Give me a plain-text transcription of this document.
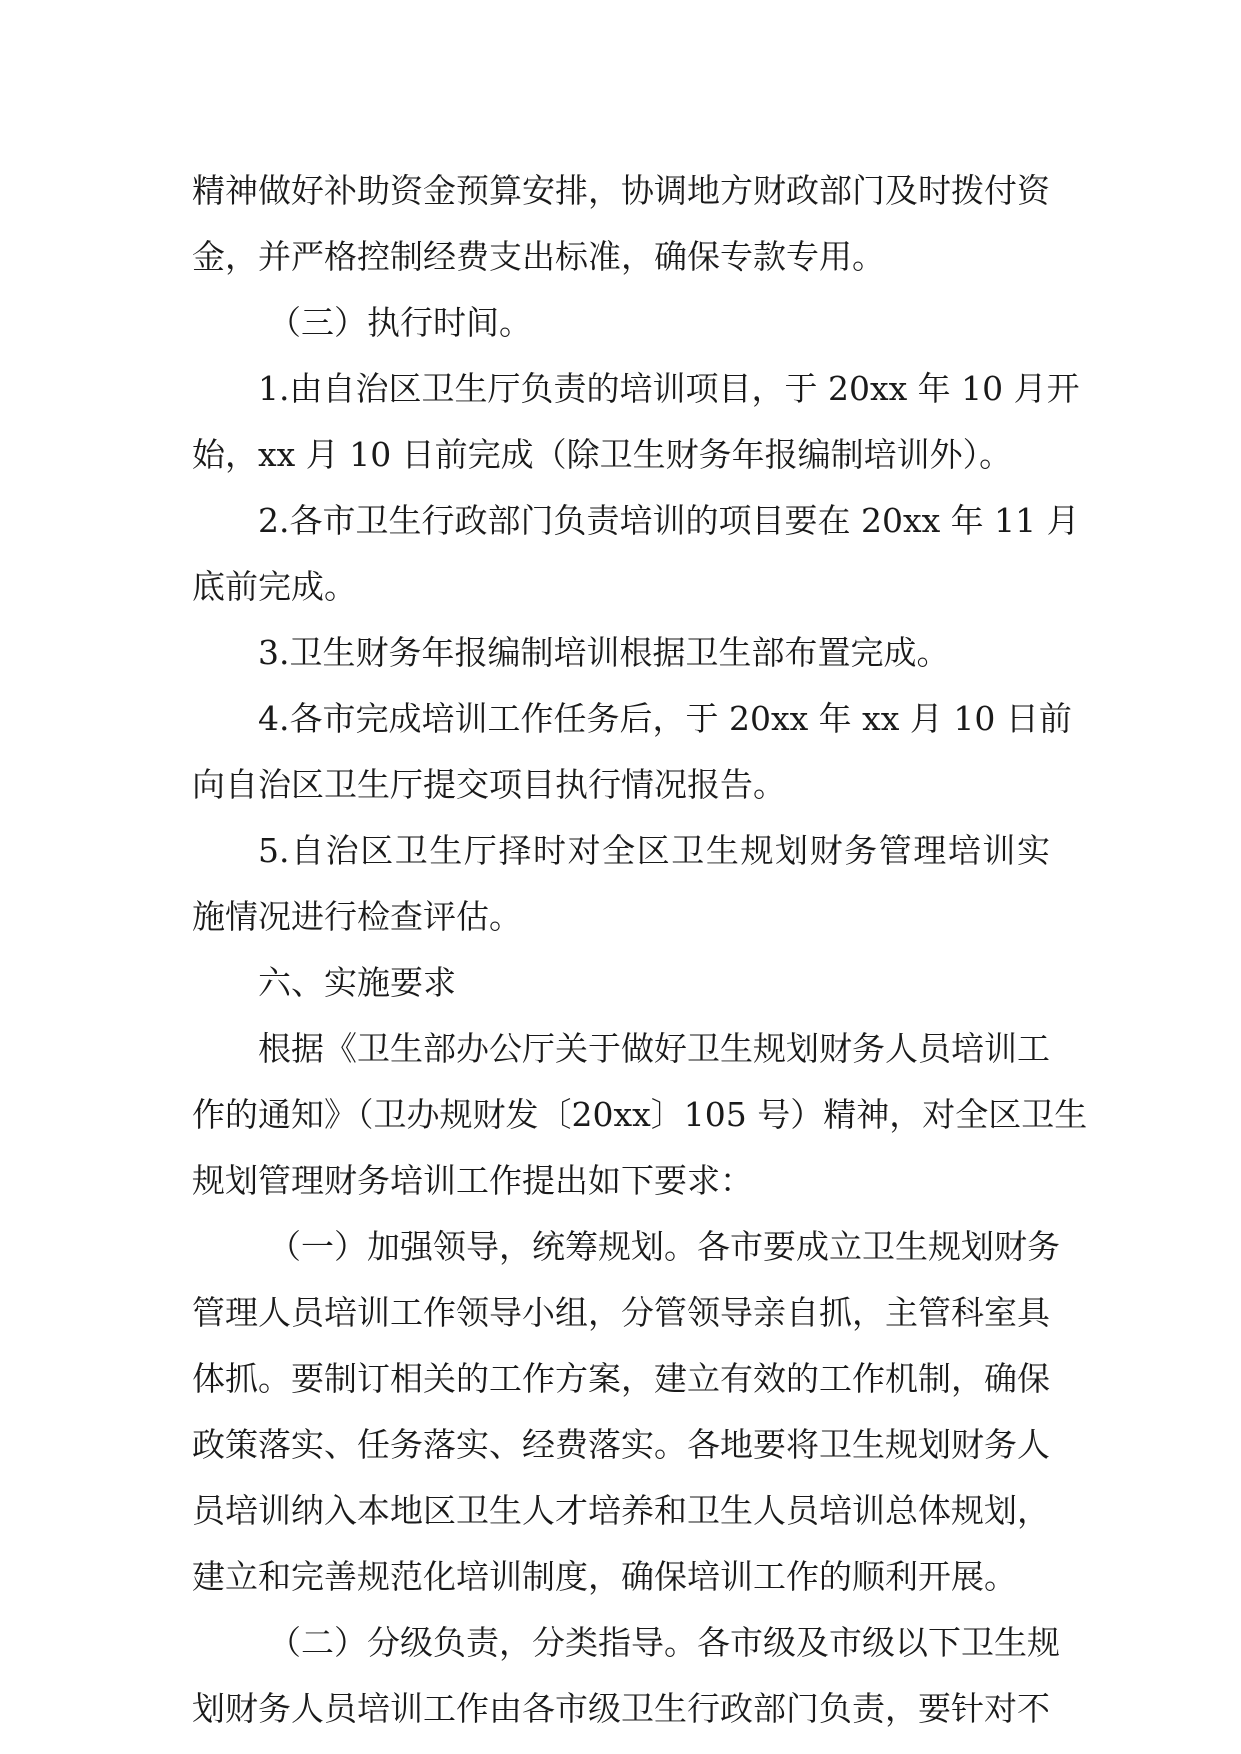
精神做好补助资金预算安排，协调地方财政部门及时拨付资
金，并严格控制经费支出标准，确保专款专用。
（三）执行时间。
1.由自治区卫生厅负责的培训项目，于 20xx 年 10 月开
始，xx 月 10 日前完成（除卫生财务年报编制培训外）。
2.各市卫生行政部门负责培训的项目要在 20xx 年 11 月
底前完成。
3.卫生财务年报编制培训根据卫生部布置完成。
4.各市完成培训工作任务后，于 20xx 年 xx 月 10 日前
向自治区卫生厅提交项目执行情况报告。
5.自治区卫生厅择时对全区卫生规划财务管理培训实
施情况进行检查评估。
六、实施要求
根据《卫生部办公厅关于做好卫生规划财务人员培训工
作的通知》（卫办规财发〔20xx〕105 号）精神，对全区卫生
规划管理财务培训工作提出如下要求：
（一）加强领导，统筹规划。各市要成立卫生规划财务
管理人员培训工作领导小组，分管领导亲自抓，主管科室具
体抓。要制订相关的工作方案，建立有效的工作机制，确保
政策落实、任务落实、经费落实。各地要将卫生规划财务人
员培训纳入本地区卫生人才培养和卫生人员培训总体规划，
建立和完善规范化培训制度，确保培训工作的顺利开展。
（二）分级负责，分类指导。各市级及市级以下卫生规
划财务人员培训工作由各市级卫生行政部门负责，要针对不
